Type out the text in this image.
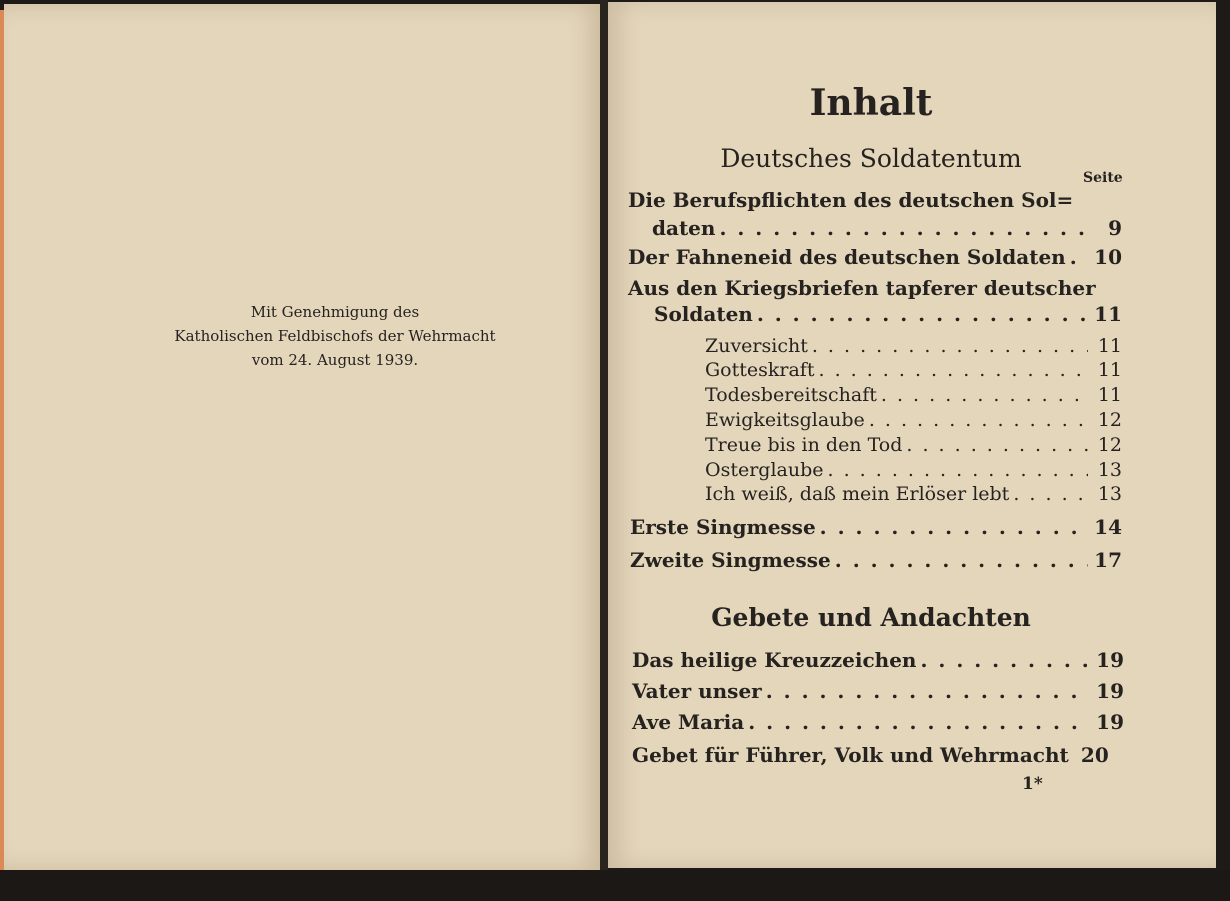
Mit Genehmigung des
Katholischen Feldbischofs der Wehrmacht
vom 24. August 1939.
Inhalt
Deutsches Soldatentum
Seite
Die Berufspflichten des deutschen Sol=
daten . . .	9
Der Fahneneid des deutschen Soldaten . . . 10
Aus den Kriegsbriefen tapferer deutscher
Soldaten . . .	11
Zuversicht . . .	11
Gotteskraft . . .	11
Todesbereitschaft . . .	11
Ewigkeitsglaube . . .	12
Treue bis in den Tod . . .	12
Osterglaube . . .	13
Ich weiß, daß mein Erlöser lebt . . .	13
Erste Singmesse . . .	14
Zweite Singmesse . . .	17
Gebete und Andachten
Das heilige Kreuzzeichen . . .	19
Vater unser . . .	19
Ave Maria . . .	19
Gebet für Führer, Volk und Wehrmacht 20
1*
